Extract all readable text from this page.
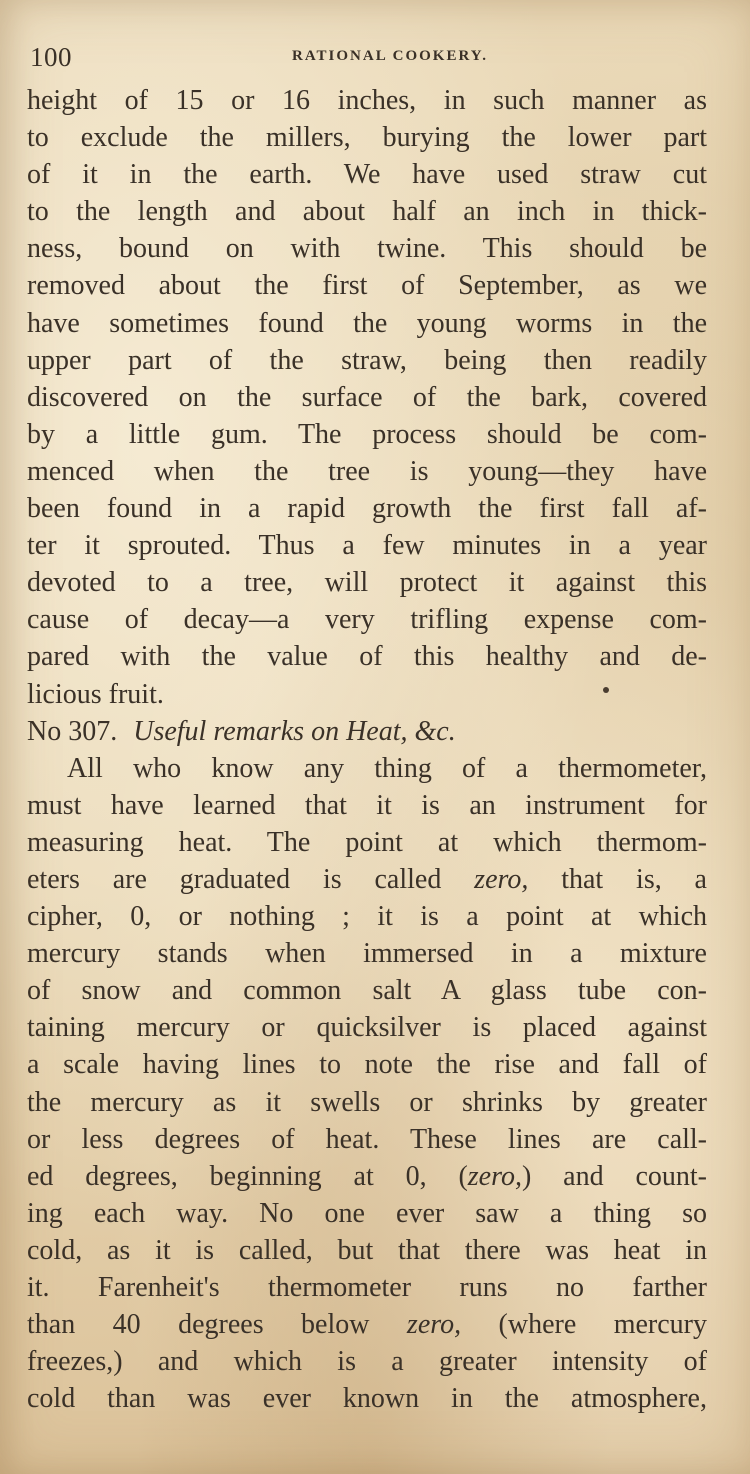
100	RATIONAL COOKERY.
height of 15 or 16 inches, in such manner as
to exclude the millers, burying the lower part
of it in the earth. We have used straw cut
to the length and about half an inch in thick-
ness, bound on with twine. This should be
removed about the first of September, as we
have sometimes found the young worms in the
upper part of the straw, being then readily
discovered on the surface of the bark, covered
by a little gum. The process should be com-
menced when the tree is young—they have
been found in a rapid growth the first fall af-
ter it sprouted. Thus a few minutes in a year
devoted to a tree, will protect it against this
cause of decay—a very trifling expense com-
pared with the value of this healthy and de-
licious fruit.
No 307. Useful remarks on Heat, &c.
All who know any thing of a thermometer,
must have learned that it is an instrument for
measuring heat. The point at which thermom-
eters are graduated is called zero, that is, a
cipher, 0, or nothing ; it is a point at which
mercury stands when immersed in a mixture
of snow and common salt A glass tube con-
taining mercury or quicksilver is placed against
a scale having lines to note the rise and fall of
the mercury as it swells or shrinks by greater
or less degrees of heat. These lines are call-
ed degrees, beginning at 0, (zero,) and count-
ing each way. No one ever saw a thing so
cold, as it is called, but that there was heat in
it. Farenheit's thermometer runs no farther
than 40 degrees below zero, (where mercury
freezes,) and which is a greater intensity of
cold than was ever known in the atmosphere,
